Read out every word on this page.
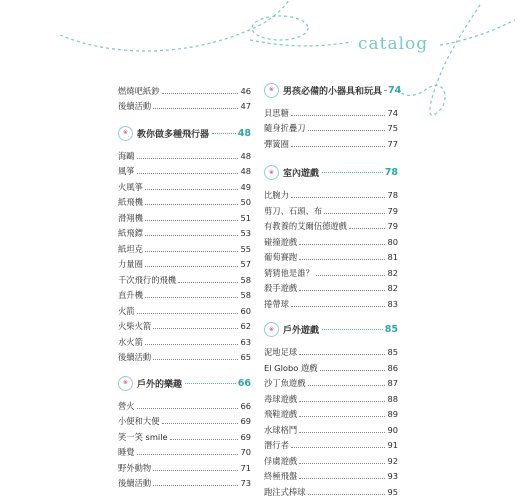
catalog
燃燒吧紙鈔	46
後續活動	47
❀ 教你做多種飛行器	48
海鷗	48
風箏	48
火風箏	49
紙飛機	50
滑翔機	51
紙飛鏢	53
紙坦克	55
力量圈	57
千次飛行的飛機	58
直升機	58
火箭	60
火柴火箭	62
水火箭	63
後續活動	65
❀ 戶外的樂趣	66
營火	66
小便和大便	69
笑一笑 smile	69
睡覺	70
野外動物	71
後續活動	73
❀ 男孩必備的小器具和玩具 74
貝思糖	74
隨身折疊刀	75
彈簧圈	77
❀ 室內遊戲	78
比腕力	78
剪刀、石頭、布	79
有教養的艾爾伍德遊戲	79
碰撞遊戲	80
葡萄賽跑	81
猜猜他是誰？	82
殺手遊戲	82
捲帶球	83
❀ 戶外遊戲	85
泥地足球	85
El Globo 遊戲	86
沙丁魚遊戲	87
毒球遊戲	88
飛鞋遊戲	89
水球格鬥	90
潛行者	91
俘虜遊戲	92
終極飛盤	93
跑注式棒球	95
